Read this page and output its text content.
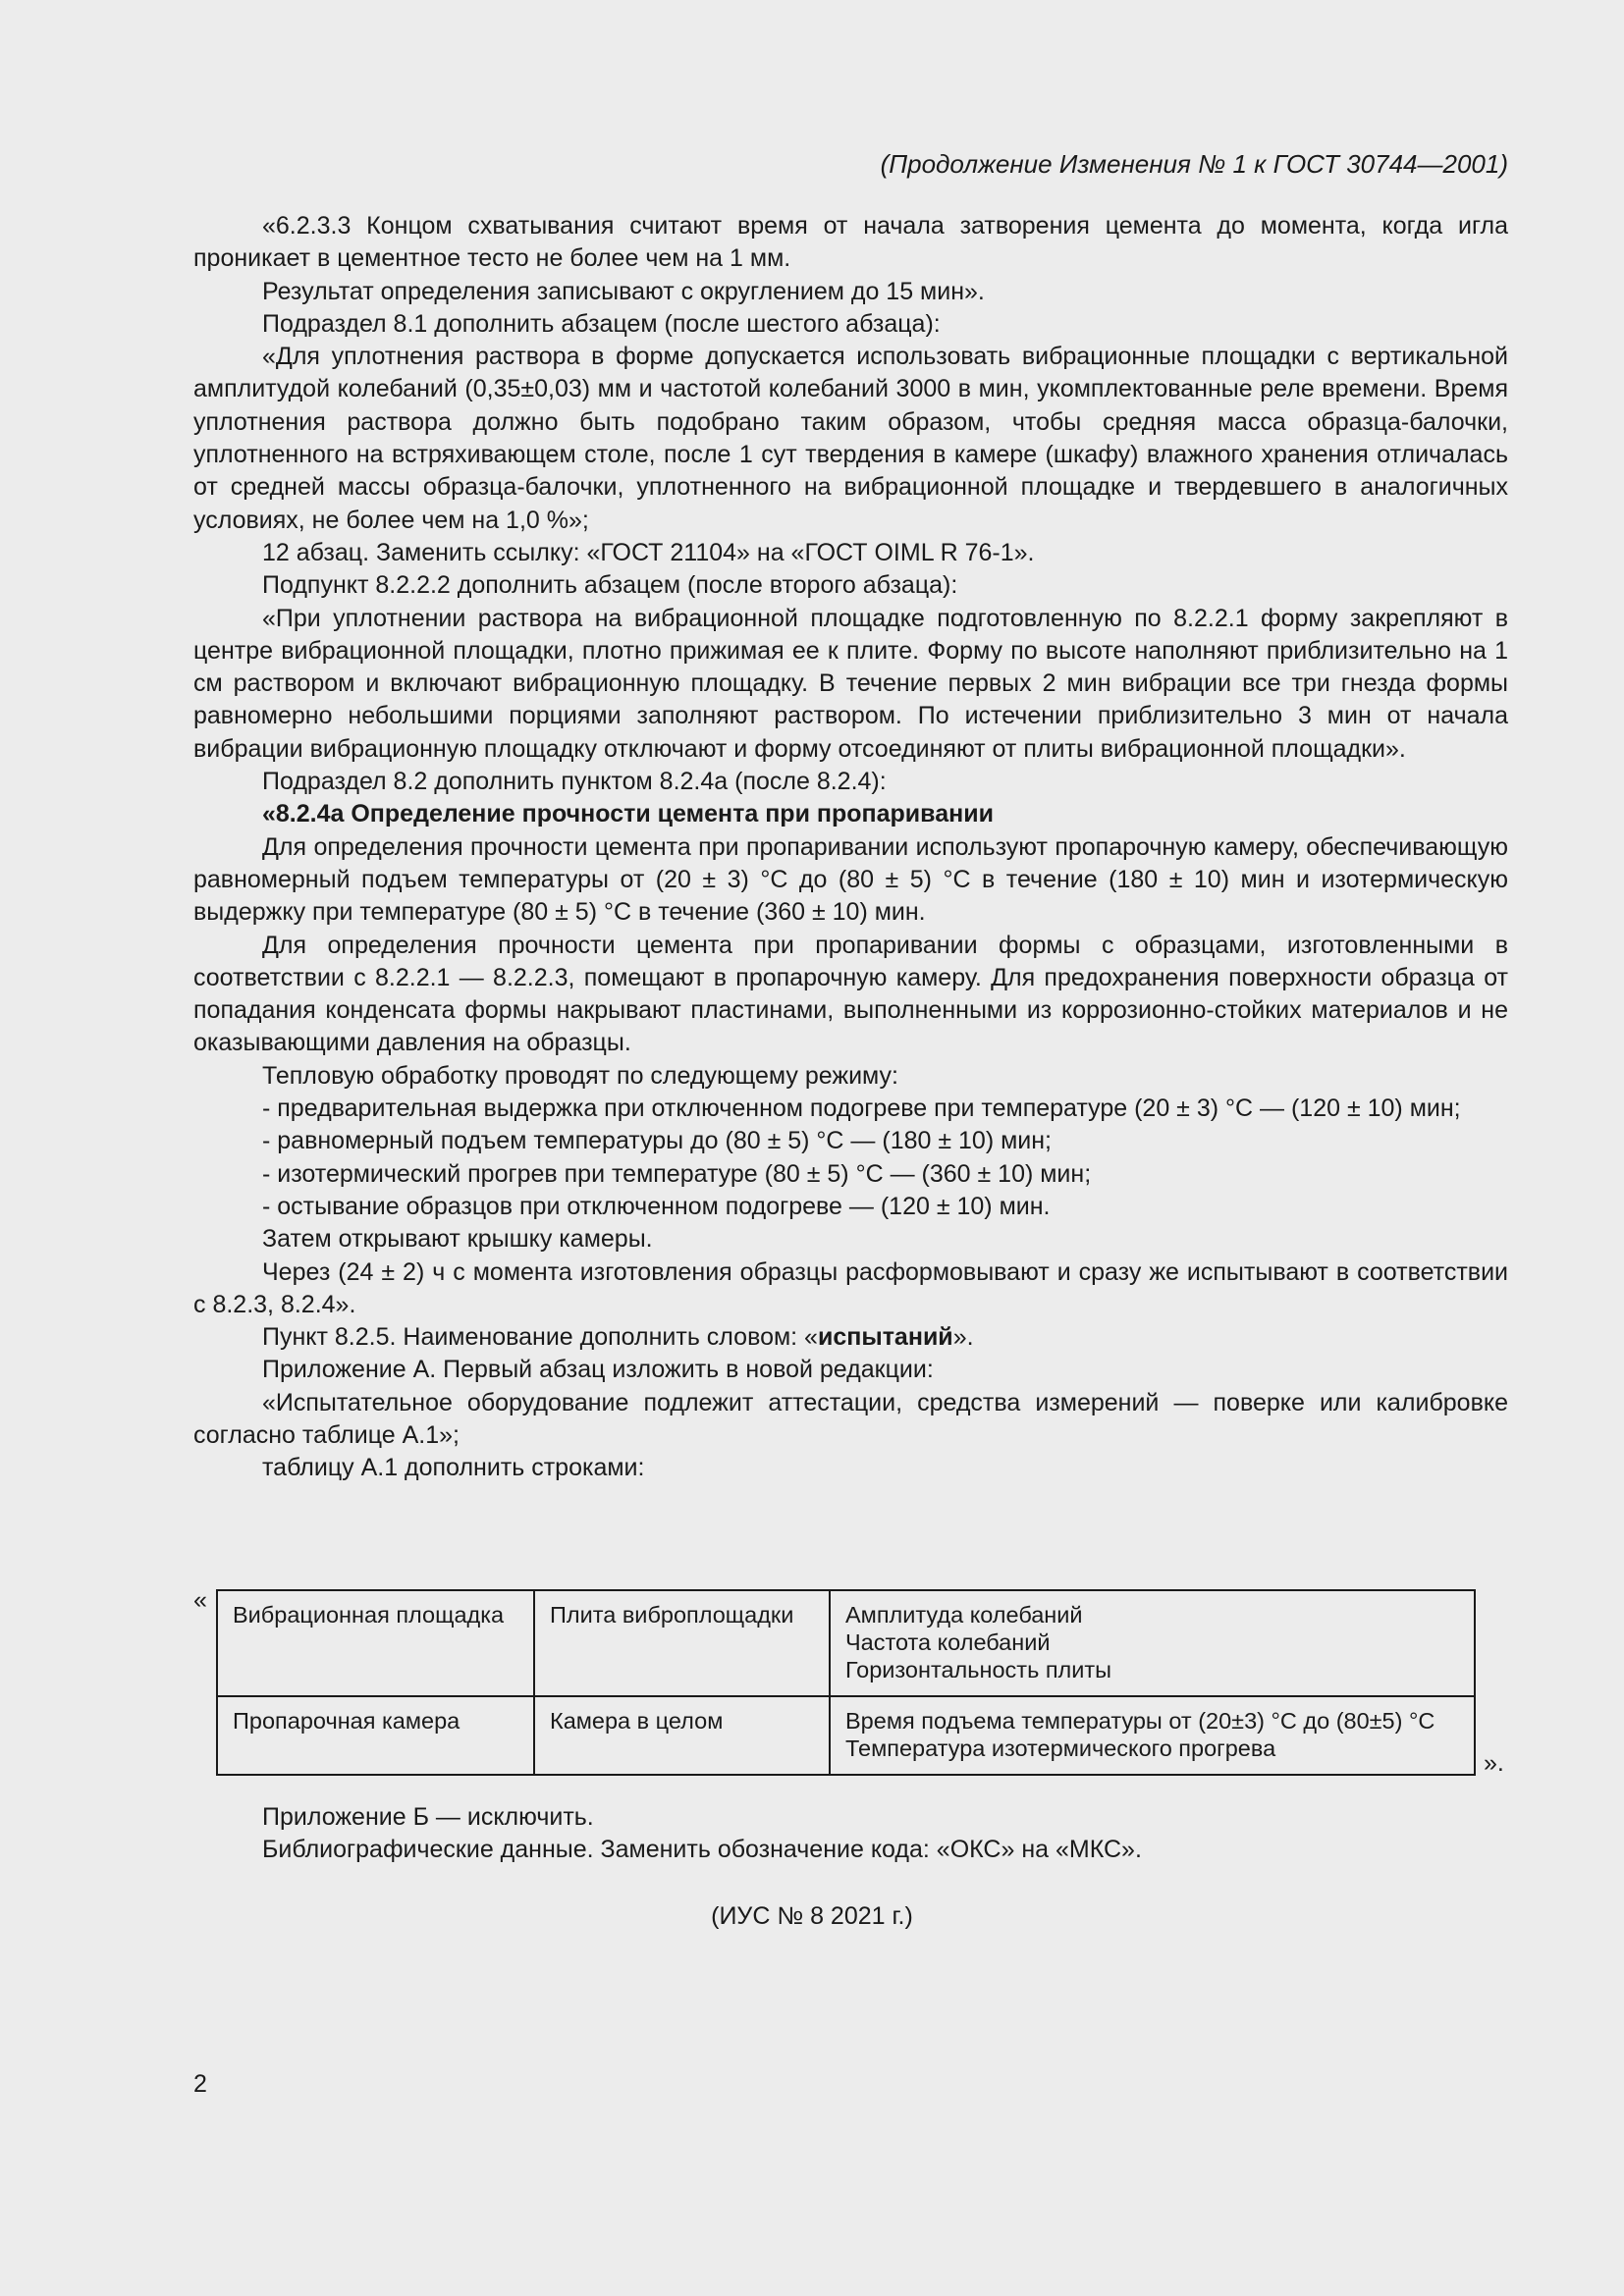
(Продолжение Изменения № 1 к ГОСТ 30744—2001)

«6.2.3.3 Концом схватывания считают время от начала затворения цемента до момента, когда игла проникает в цементное тесто не более чем на 1 мм.

Результат определения записывают с округлением до 15 мин».

Подраздел 8.1 дополнить абзацем (после шестого абзаца):

«Для уплотнения раствора в форме допускается использовать вибрационные площадки с вертикальной амплитудой колебаний (0,35±0,03) мм и частотой колебаний 3000 в мин, укомплектованные реле времени. Время уплотнения раствора должно быть подобрано таким образом, чтобы средняя масса образца-балочки, уплотненного на встряхивающем столе, после 1 сут твердения в камере (шкафу) влажного хранения отличалась от средней массы образца-балочки, уплотненного на вибрационной площадке и твердевшего в аналогичных условиях, не более чем на 1,0 %»;

12 абзац. Заменить ссылку: «ГОСТ 21104» на «ГОСТ OIML R 76-1».

Подпункт 8.2.2.2 дополнить абзацем (после второго абзаца):

«При уплотнении раствора на вибрационной площадке подготовленную по 8.2.2.1 форму закрепляют в центре вибрационной площадки, плотно прижимая ее к плите. Форму по высоте наполняют приблизительно на 1 см раствором и включают вибрационную площадку. В течение первых 2 мин вибрации все три гнезда формы равномерно небольшими порциями заполняют раствором. По истечении приблизительно 3 мин от начала вибрации вибрационную площадку отключают и форму отсоединяют от плиты вибрационной площадки».

Подраздел 8.2 дополнить пунктом 8.2.4а (после 8.2.4):

«8.2.4а Определение прочности цемента при пропаривании

Для определения прочности цемента при пропаривании используют пропарочную камеру, обеспечивающую равномерный подъем температуры от (20 ± 3) °С до (80 ± 5) °С в течение (180 ± 10) мин и изотермическую выдержку при температуре (80 ± 5) °С в течение (360 ± 10) мин.

Для определения прочности цемента при пропаривании формы с образцами, изготовленными в соответствии с 8.2.2.1 — 8.2.2.3, помещают в пропарочную камеру. Для предохранения поверхности образца от попадания конденсата формы накрывают пластинами, выполненными из коррозионно-стойких материалов и не оказывающими давления на образцы.

Тепловую обработку проводят по следующему режиму:

- предварительная выдержка при отключенном подогреве при температуре (20 ± 3) °С — (120 ± 10) мин;

- равномерный подъем температуры до (80 ± 5) °С — (180 ± 10) мин;

- изотермический прогрев при температуре (80 ± 5) °С — (360 ± 10) мин;

- остывание образцов при отключенном подогреве — (120 ± 10) мин.

Затем открывают крышку камеры.

Через (24 ± 2) ч с момента изготовления образцы расформовывают и сразу же испытывают в соответствии с 8.2.3, 8.2.4».

Пункт 8.2.5. Наименование дополнить словом: «испытаний».

Приложение А. Первый абзац изложить в новой редакции:

«Испытательное оборудование подлежит аттестации, средства измерений — поверке или калибровке согласно таблице А.1»;

таблицу А.1 дополнить строками:

«
Вибрационная площадка	Плита виброплощадки	Амплитуда колебаний
Частота колебаний
Горизонтальность плиты

Пропарочная камера	Камера в целом	Время подъема температуры от (20±3) °С до (80±5) °С
Температура изотермического прогрева
».

Приложение Б — исключить.

Библиографические данные. Заменить обозначение кода: «ОКС» на «МКС».

(ИУС № 8 2021 г.)
2
